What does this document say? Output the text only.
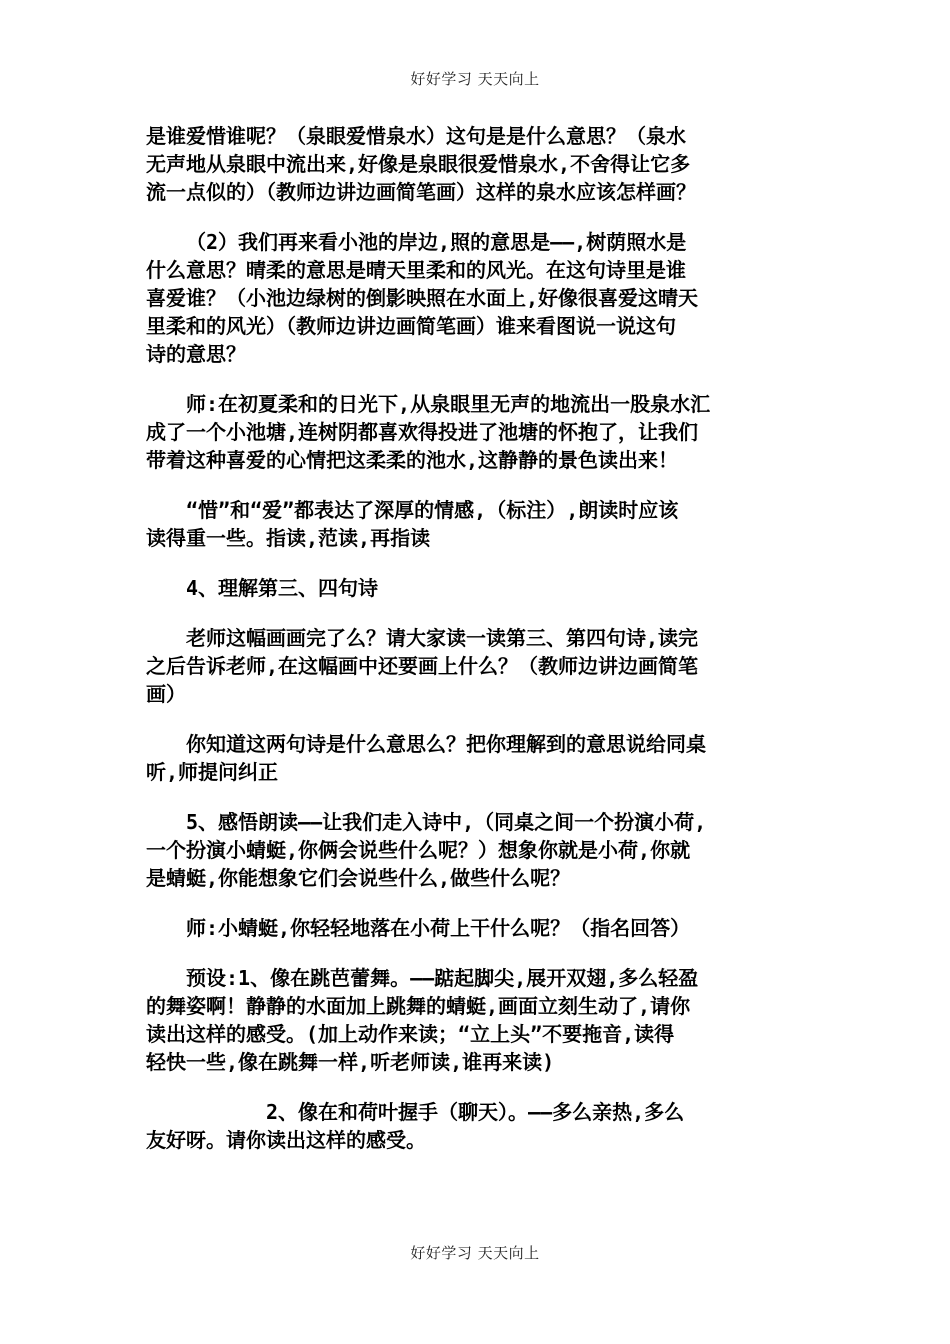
好好学习 天天向上

是谁爱惜谁呢？（泉眼爱惜泉水）这句是是什么意思？（泉水
无声地从泉眼中流出来,好像是泉眼很爱惜泉水,不舍得让它多
流一点似的）（教师边讲边画简笔画）这样的泉水应该怎样画？

（2）我们再来看小池的岸边,照的意思是——,树荫照水是
什么意思？晴柔的意思是晴天里柔和的风光。在这句诗里是谁
喜爱谁？（小池边绿树的倒影映照在水面上,好像很喜爱这晴天
里柔和的风光）（教师边讲边画简笔画）谁来看图说一说这句
诗的意思？

师:在初夏柔和的日光下,从泉眼里无声的地流出一股泉水汇
成了一个小池塘,连树阴都喜欢得投进了池塘的怀抱了，让我们
带着这种喜爱的心情把这柔柔的池水,这静静的景色读出来！

“惜”和“爱”都表达了深厚的情感,（标注）,朗读时应该
读得重一些。指读,范读,再指读

4、理解第三、四句诗

老师这幅画画完了么？请大家读一读第三、第四句诗,读完
之后告诉老师,在这幅画中还要画上什么？（教师边讲边画简笔
画）

你知道这两句诗是什么意思么？把你理解到的意思说给同桌
听,师提问纠正

5、感悟朗读——让我们走入诗中,（同桌之间一个扮演小荷,
一个扮演小蜻蜓,你俩会说些什么呢？）想象你就是小荷,你就
是蜻蜓,你能想象它们会说些什么,做些什么呢？

师:小蜻蜓,你轻轻地落在小荷上干什么呢？（指名回答）

预设:1、像在跳芭蕾舞。——踮起脚尖,展开双翅,多么轻盈
的舞姿啊！静静的水面加上跳舞的蜻蜓,画面立刻生动了,请你
读出这样的感受。(加上动作来读；“立上头”不要拖音,读得
轻快一些,像在跳舞一样,听老师读,谁再来读)

2、像在和荷叶握手（聊天）。——多么亲热,多么
友好呀。请你读出这样的感受。

好好学习 天天向上
